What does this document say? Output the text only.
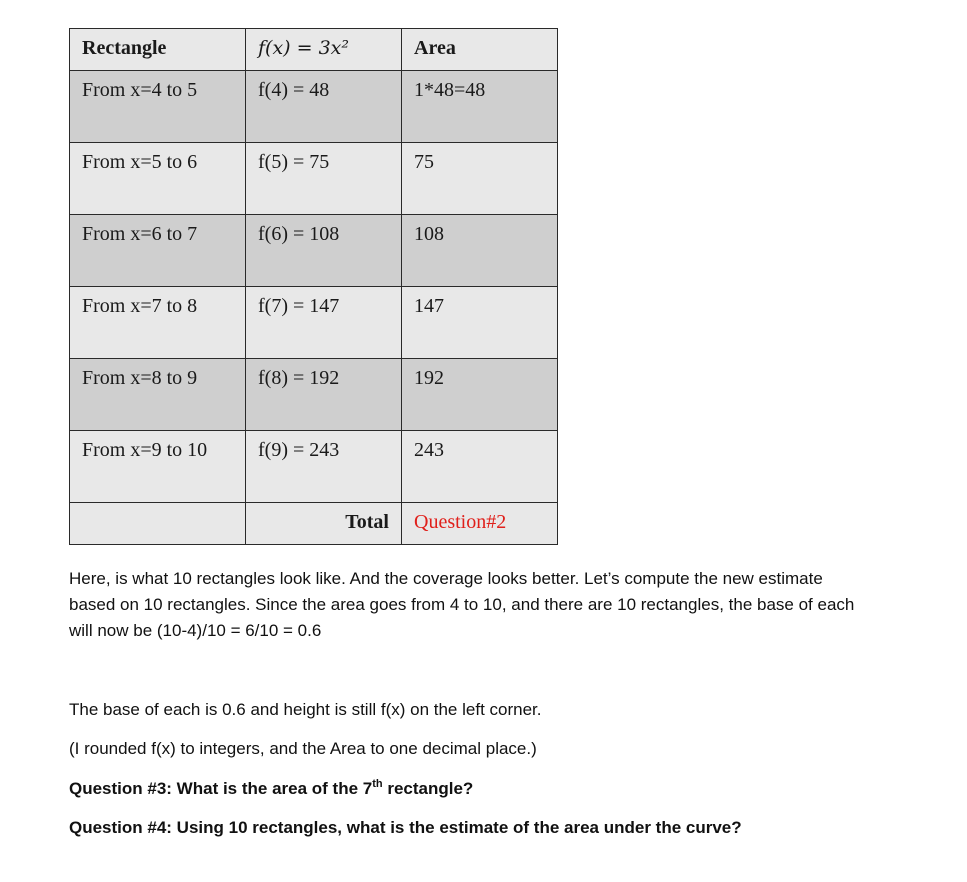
Rectangle	f(x) = 3x²	Area
From x=4 to 5	f(4) = 48	1*48=48
From x=5 to 6	f(5) = 75	75
From x=6 to 7	f(6) = 108	108
From x=7 to 8	f(7) = 147	147
From x=8 to 9	f(8) = 192	192
From x=9 to 10	f(9) = 243	243
	Total	Question#2
Here, is what 10 rectangles look like. And the coverage looks better. Let’s compute the new estimate based on 10 rectangles. Since the area goes from 4 to 10, and there are 10 rectangles, the base of each will now be (10-4)/10 = 6/10 = 0.6
The base of each is 0.6 and height is still f(x) on the left corner.
(I rounded f(x) to integers, and the Area to one decimal place.)
Question #3: What is the area of the 7th rectangle?
Question #4: Using 10 rectangles, what is the estimate of the area under the curve?
